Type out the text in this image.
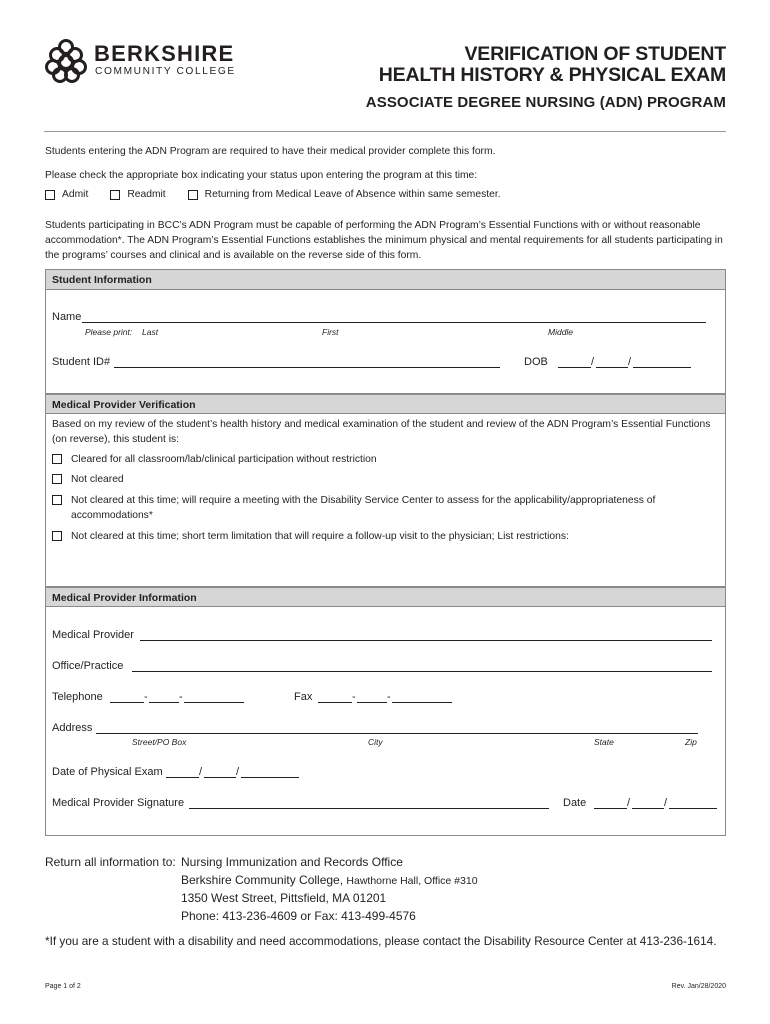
BERKSHIRE
COMMUNITY COLLEGE
VERIFICATION OF STUDENT
HEALTH HISTORY & PHYSICAL EXAM
ASSOCIATE DEGREE NURSING (ADN) PROGRAM
Students entering the ADN Program are required to have their medical provider complete this form.
Please check the appropriate box indicating your status upon entering the program at this time:
Admit	Readmit	Returning from Medical Leave of Absence within same semester.
Students participating in BCC’s ADN Program must be capable of performing the ADN Program’s Essential Functions with or without reasonable accommodation*. The ADN Program’s Essential Functions establishes the minimum physical and mental requirements for all students participating in the programs’ courses and clinical and is available on the reverse side of this form.
Student Information
Name
Please print: Last	First	Middle
Student ID#	DOB	/	/
Medical Provider Verification
Based on my review of the student’s health history and medical examination of the student and review of the ADN Program’s Essential Functions (on reverse), this student is:
Cleared for all classroom/lab/clinical participation without restriction
Not cleared
Not cleared at this time; will require a meeting with the Disability Service Center to assess for the applicability/appropriateness of accommodations*
Not cleared at this time; short term limitation that will require a follow-up visit to the physician; List restrictions:
Medical Provider Information
Medical Provider
Office/Practice
Telephone	-	-	Fax	-	-
Address
Street/PO Box	City	State	Zip
Date of Physical Exam	/	/
Medical Provider Signature	Date	/	/
Return all information to: Nursing Immunization and Records Office
Berkshire Community College, Hawthorne Hall, Office #310
1350 West Street, Pittsfield, MA 01201
Phone: 413-236-4609 or Fax: 413-499-4576
*If you are a student with a disability and need accommodations, please contact the Disability Resource Center at 413-236-1614.
Page 1 of 2	Rev. Jan/28/2020
